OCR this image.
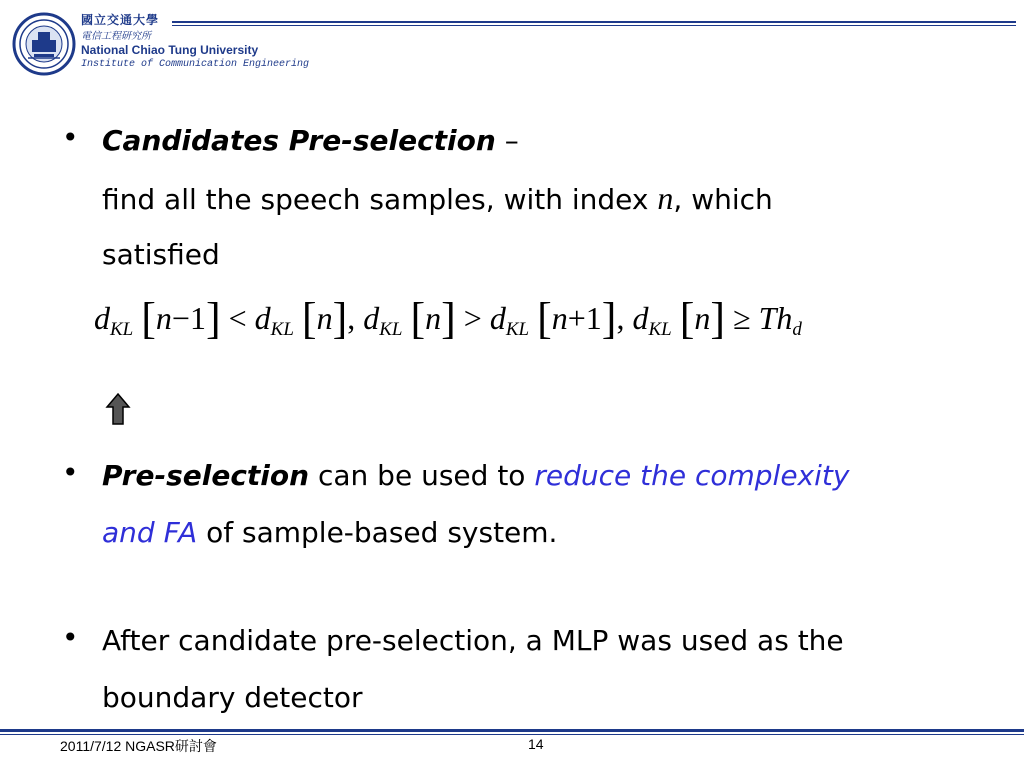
國立交通大學
電信工程研究所
National Chiao Tung University
Institute of Communication Engineering
• Candidates Pre-selection –
find all the speech samples, with index n, which
satisfied
$d_{KL}$ $[n-1] < d_{KL}$ [n], $d_{KL}$ $[n] > d_{KL}$ [n+1], $d_{KL}$ $[n] \ge Th_d$
• Pre-selection can be used to reduce the complexity
and FA of sample-based system.
• After candidate pre-selection, a MLP was used as the
boundary detector
2011/7/12 NGASR研討會	14
